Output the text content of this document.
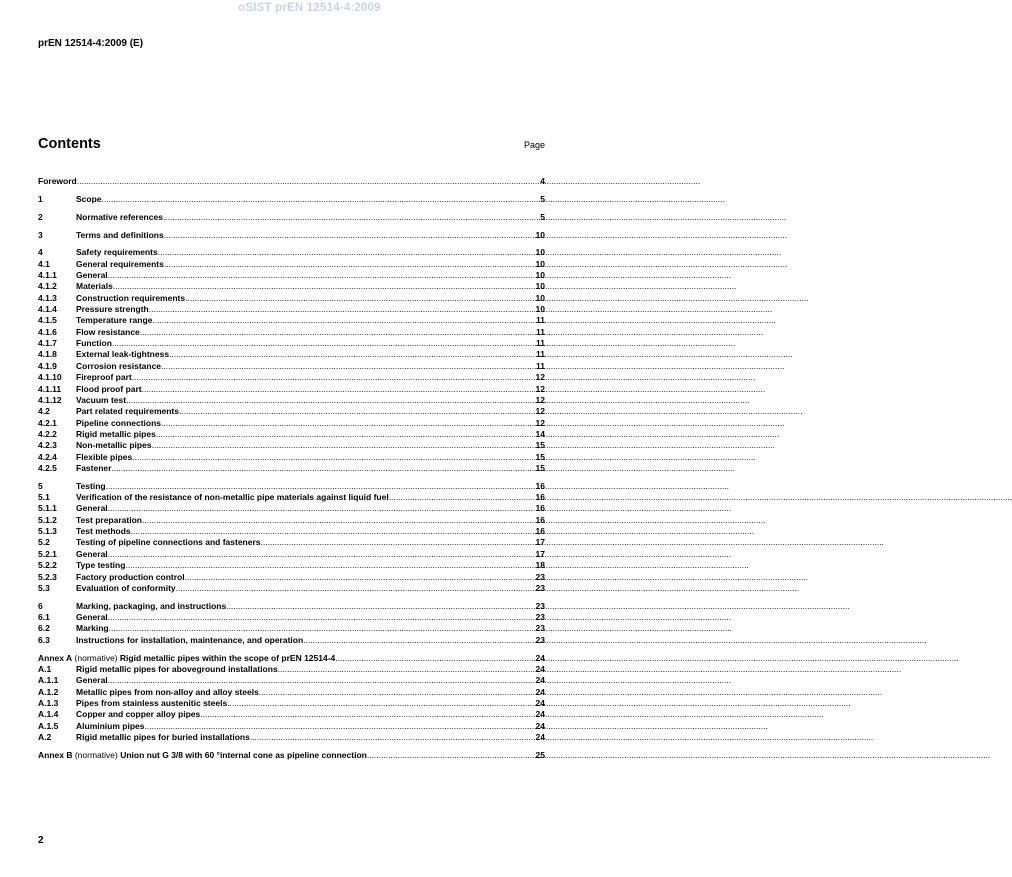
oSIST prEN 12514-4:2009
prEN 12514-4:2009 (E)
Contents	Page
Foreword .....	4
1	Scope .....	5
2	Normative references .....	5
3	Terms and definitions .....	10
4	Safety requirements .....	10
4.1	General requirements .....	10
4.1.1	General .....	10
4.1.2	Materials .....	10
4.1.3	Construction requirements .....	10
4.1.4	Pressure strength .....	10
4.1.5	Temperature range .....	11
4.1.6	Flow resistance .....	11
4.1.7	Function .....	11
4.1.8	External leak-tightness .....	11
4.1.9	Corrosion resistance .....	11
4.1.10	Fireproof part .....	12
4.1.11	Flood proof part .....	12
4.1.12	Vacuum test .....	12
4.2	Part related requirements .....	12
4.2.1	Pipeline connections .....	12
4.2.2	Rigid metallic pipes .....	14
4.2.3	Non-metallic pipes .....	15
4.2.4	Flexible pipes .....	15
4.2.5	Fastener .....	15
5	Testing .....	16
5.1	Verification of the resistance of non-metallic pipe materials against liquid fuel .....	16
5.1.1	General .....	16
5.1.2	Test preparation .....	16
5.1.3	Test methods .....	16
5.2	Testing of pipeline connections and fasteners .....	17
5.2.1	General .....	17
5.2.2	Type testing .....	18
5.2.3	Factory production control .....	23
5.3	Evaluation of conformity .....	23
6	Marking, packaging, and instructions .....	23
6.1	General .....	23
6.2	Marking .....	23
6.3	Instructions for installation, maintenance, and operation .....	23
Annex A (normative) Rigid metallic pipes within the scope of prEN 12514-4 .....	24
A.1	Rigid metallic pipes for aboveground installations .....	24
A.1.1	General .....	24
A.1.2	Metallic pipes from non-alloy and alloy steels .....	24
A.1.3	Pipes from stainless austenitic steels .....	24
A.1.4	Copper and copper alloy pipes .....	24
A.1.5	Aluminium pipes .....	24
A.2	Rigid metallic pipes for buried installations .....	24
Annex B (normative) Union nut G 3/8 with 60 °internal cone as pipeline connection .....	25
2
